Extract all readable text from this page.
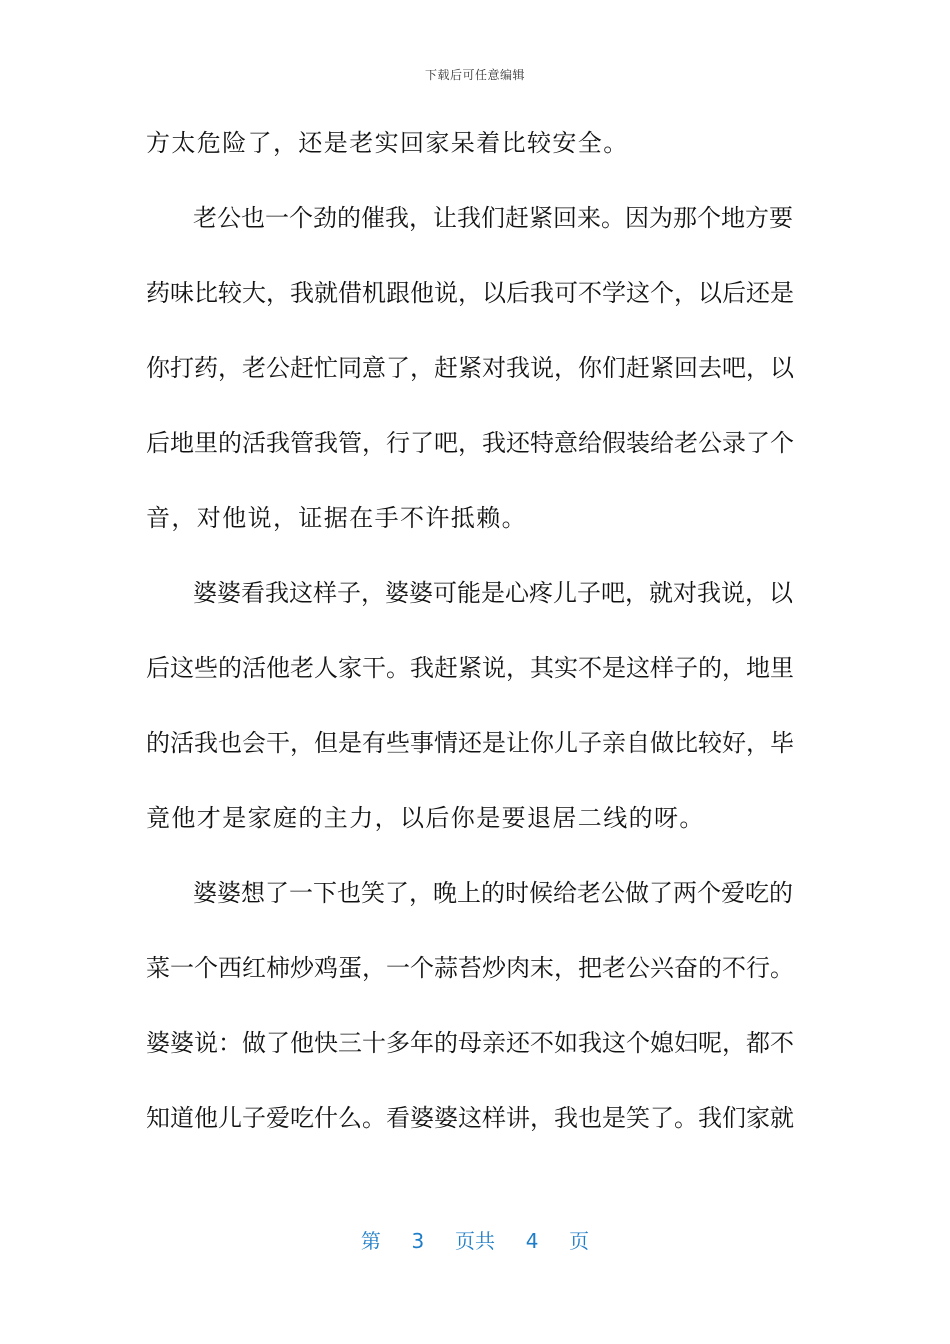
下载后可任意编辑
方太危险了，还是老实回家呆着比较安全。
老公也一个劲的催我，让我们赶紧回来。因为那个地方要
药味比较大，我就借机跟他说，以后我可不学这个，以后还是
你打药，老公赶忙同意了，赶紧对我说，你们赶紧回去吧，以
后地里的活我管我管，行了吧，我还特意给假装给老公录了个
音，对他说，证据在手不许抵赖。
婆婆看我这样子，婆婆可能是心疼儿子吧，就对我说，以
后这些的活他老人家干。我赶紧说，其实不是这样子的，地里
的活我也会干，但是有些事情还是让你儿子亲自做比较好，毕
竟他才是家庭的主力，以后你是要退居二线的呀。
婆婆想了一下也笑了，晚上的时候给老公做了两个爱吃的
菜一个西红柿炒鸡蛋，一个蒜苔炒肉末，把老公兴奋的不行。
婆婆说：做了他快三十多年的母亲还不如我这个媳妇呢，都不
知道他儿子爱吃什么。看婆婆这样讲，我也是笑了。我们家就
第 3 页共 4 页
